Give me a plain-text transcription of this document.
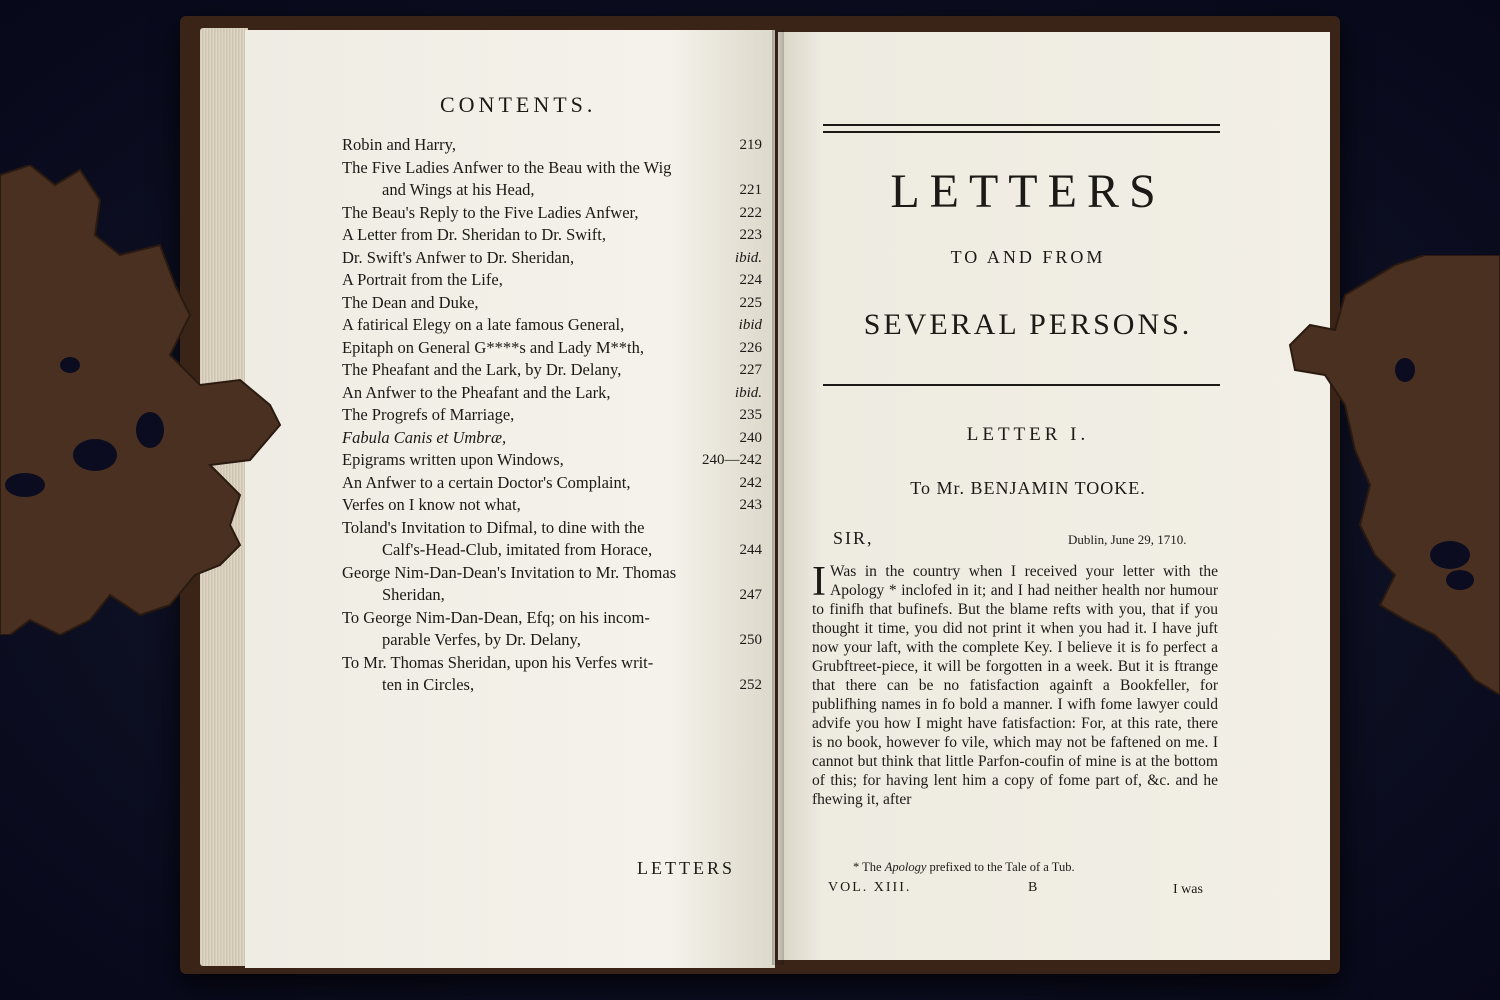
CONTENTS.
Robin and Harry,	219
The Five Ladies Anfwer to the Beau with the Wig
and Wings at his Head,	221
The Beau's Reply to the Five Ladies Anfwer,	222
A Letter from Dr. Sheridan to Dr. Swift,	223
Dr. Swift's Anfwer to Dr. Sheridan,	ibid.
A Portrait from the Life,	224
The Dean and Duke,	225
A fatirical Elegy on a late famous General,	ibid
Epitaph on General G****s and Lady M**th,	226
The Pheafant and the Lark, by Dr. Delany,	227
An Anfwer to the Pheafant and the Lark,	ibid.
The Progrefs of Marriage,	235
Fabula Canis et Umbræ,	240
Epigrams written upon Windows,	240—242
An Anfwer to a certain Doctor's Complaint,	242
Verfes on I know not what,	243
Toland's Invitation to Difmal, to dine with the
Calf's-Head-Club, imitated from Horace,	244
George Nim-Dan-Dean's Invitation to Mr. Thomas
Sheridan,	247
To George Nim-Dan-Dean, Efq; on his incom-
parable Verfes, by Dr. Delany,	250
To Mr. Thomas Sheridan, upon his Verfes writ-
ten in Circles,	252
LETTERS
LETTERS
TO AND FROM
SEVERAL PERSONS.
LETTER I.
To Mr. BENJAMIN TOOKE.
SIR,	Dublin, June 29, 1710.
I Was in the country when I received your letter with the Apology * inclofed in it; and I had neither health nor humour to finifh that bufinefs. But the blame refts with you, that if you thought it time, you did not print it when you had it. I have juft now your laft, with the complete Key. I believe it is fo perfect a Grubftreet-piece, it will be forgotten in a week. But it is ftrange that there can be no fatisfaction againft a Bookfeller, for publifhing names in fo bold a manner. I wifh fome lawyer could advife you how I might have fatisfaction: For, at this rate, there is no book, however fo vile, which may not be faftened on me. I cannot but think that little Parfon-coufin of mine is at the bottom of this; for having lent him a copy of fome part of, &c. and he fhewing it, after
* The Apology prefixed to the Tale of a Tub.
VOL. XIII.	B	I was
